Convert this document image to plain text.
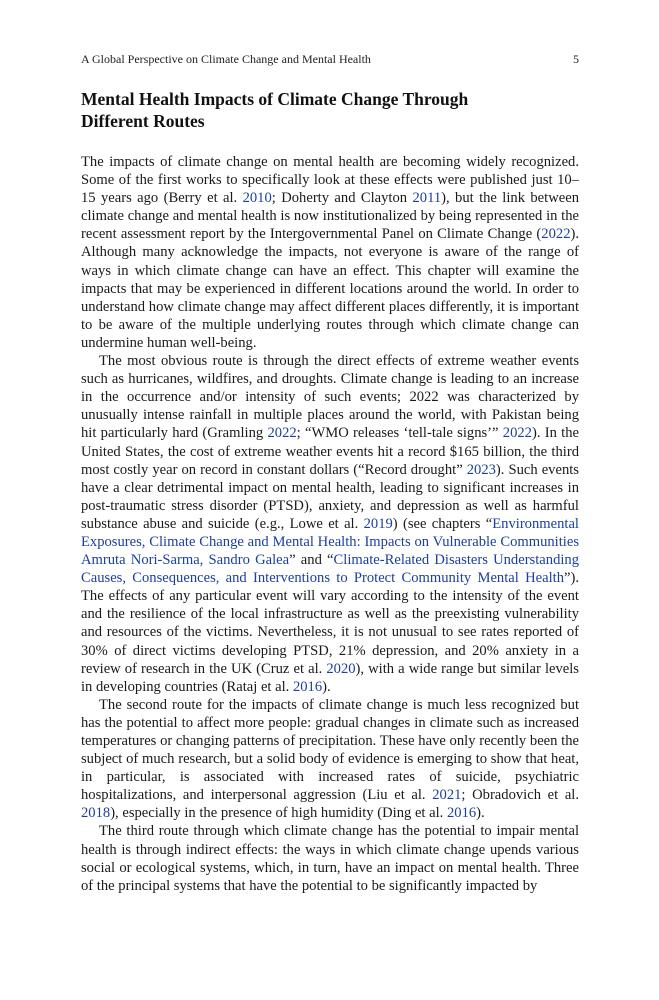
A Global Perspective on Climate Change and Mental Health	5
Mental Health Impacts of Climate Change Through Different Routes

The impacts of climate change on mental health are becoming widely recognized. Some of the first works to specifically look at these effects were published just 10–15 years ago (Berry et al. 2010; Doherty and Clayton 2011), but the link between climate change and mental health is now institutionalized by being represented in the recent assessment report by the Intergovernmental Panel on Climate Change (2022). Although many acknowledge the impacts, not everyone is aware of the range of ways in which climate change can have an effect. This chapter will examine the impacts that may be experienced in different locations around the world. In order to understand how climate change may affect different places differently, it is important to be aware of the multiple underlying routes through which climate change can undermine human well-being.

The most obvious route is through the direct effects of extreme weather events such as hurricanes, wildfires, and droughts. Climate change is leading to an increase in the occurrence and/or intensity of such events; 2022 was characterized by unusually intense rainfall in multiple places around the world, with Pakistan being hit particularly hard (Gramling 2022; “WMO releases ‘tell-tale signs’” 2022). In the United States, the cost of extreme weather events hit a record $165 billion, the third most costly year on record in constant dollars (“Record drought” 2023). Such events have a clear detrimental impact on mental health, leading to significant increases in post-traumatic stress disorder (PTSD), anxiety, and depression as well as harmful substance abuse and suicide (e.g., Lowe et al. 2019) (see chapters “Environmental Exposures, Climate Change and Mental Health: Impacts on Vulnerable Communities Amruta Nori-Sarma, Sandro Galea” and “Climate-Related Disasters Understanding Causes, Consequences, and Interventions to Protect Community Mental Health”). The effects of any particular event will vary according to the intensity of the event and the resilience of the local infrastructure as well as the preexisting vulnerability and resources of the victims. Nevertheless, it is not unusual to see rates reported of 30% of direct victims developing PTSD, 21% depression, and 20% anxiety in a review of research in the UK (Cruz et al. 2020), with a wide range but similar levels in developing countries (Rataj et al. 2016).

The second route for the impacts of climate change is much less recognized but has the potential to affect more people: gradual changes in climate such as increased temperatures or changing patterns of precipitation. These have only recently been the subject of much research, but a solid body of evidence is emerging to show that heat, in particular, is associated with increased rates of suicide, psychiatric hospitalizations, and interpersonal aggression (Liu et al. 2021; Obradovich et al. 2018), especially in the presence of high humidity (Ding et al. 2016).

The third route through which climate change has the potential to impair mental health is through indirect effects: the ways in which climate change upends various social or ecological systems, which, in turn, have an impact on mental health. Three of the principal systems that have the potential to be significantly impacted by
